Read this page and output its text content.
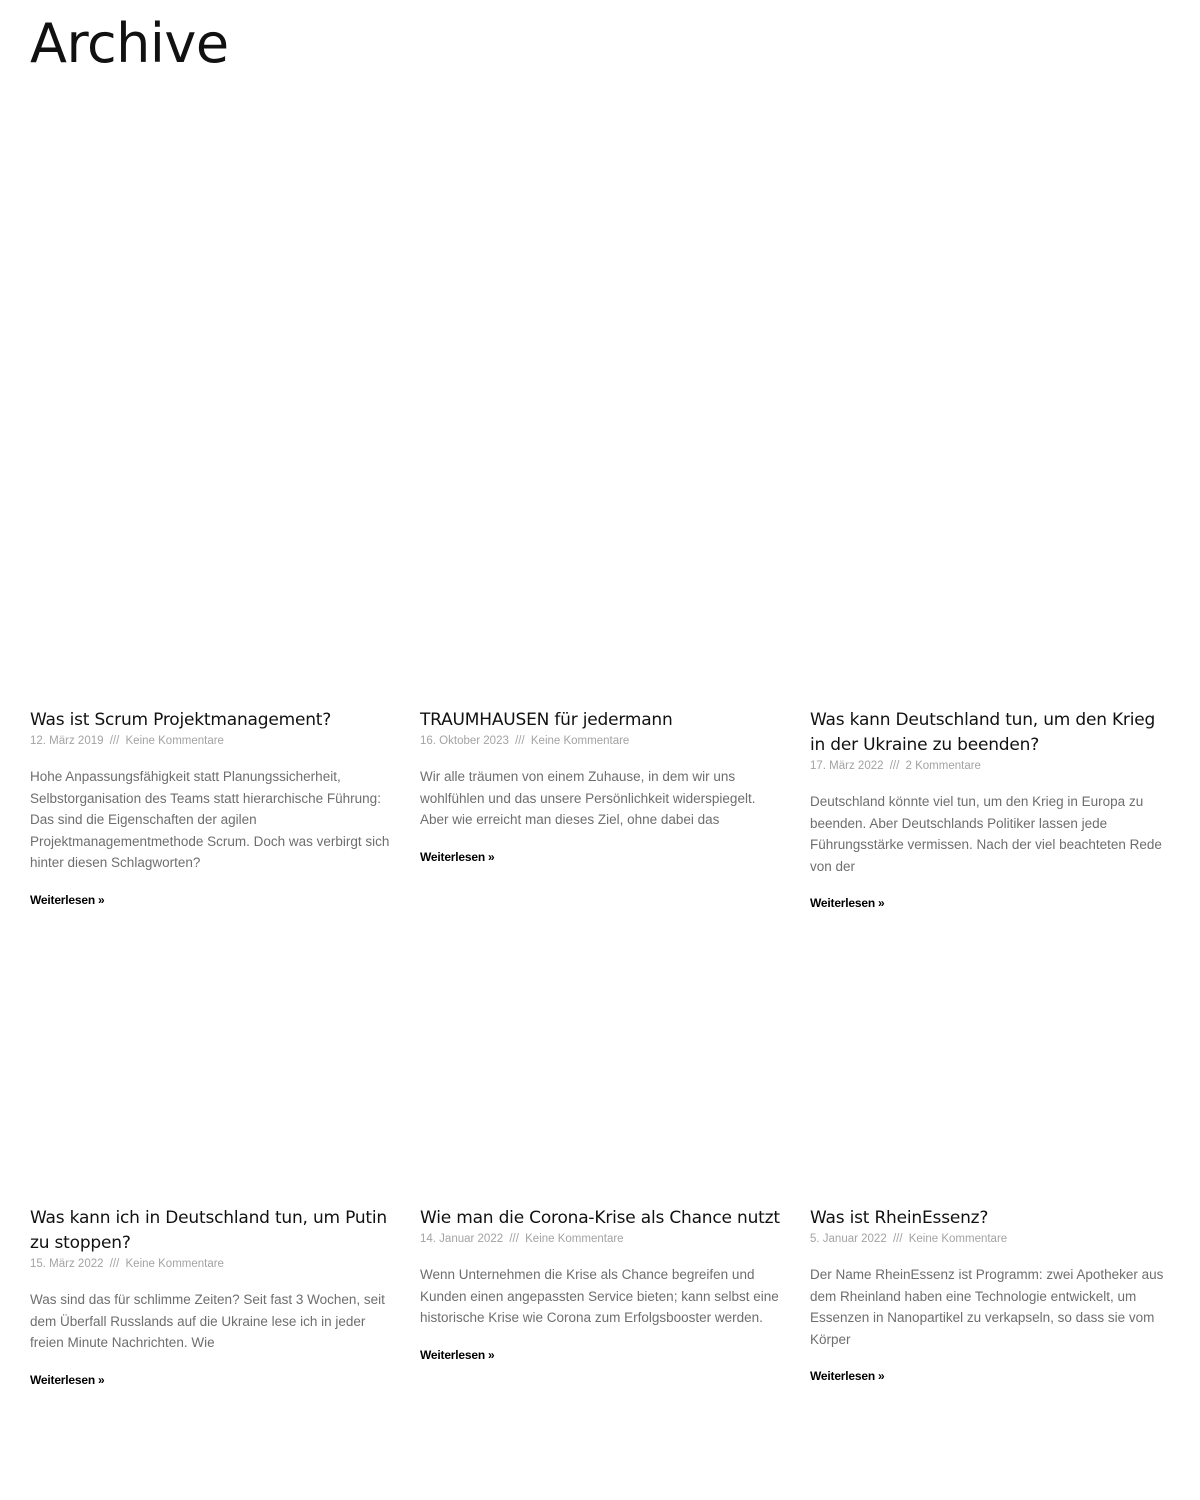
Archive
Was ist Scrum Projektmanagement?
12. März 2019 /// Keine Kommentare

Hohe Anpassungsfähigkeit statt Planungssicherheit, Selbstorganisation des Teams statt hierarchische Führung: Das sind die Eigenschaften der agilen Projektmanagementmethode Scrum. Doch was verbirgt sich hinter diesen Schlagworten?

Weiterlesen »
TRAUMHAUSEN für jedermann
16. Oktober 2023 /// Keine Kommentare

Wir alle träumen von einem Zuhause, in dem wir uns wohlfühlen und das unsere Persönlichkeit widerspiegelt. Aber wie erreicht man dieses Ziel, ohne dabei das

Weiterlesen »
Was kann Deutschland tun, um den Krieg in der Ukraine zu beenden?
17. März 2022 /// 2 Kommentare

Deutschland könnte viel tun, um den Krieg in Europa zu beenden. Aber Deutschlands Politiker lassen jede Führungsstärke vermissen. Nach der viel beachteten Rede von der

Weiterlesen »
Was kann ich in Deutschland tun, um Putin zu stoppen?
15. März 2022 /// Keine Kommentare

Was sind das für schlimme Zeiten? Seit fast 3 Wochen, seit dem Überfall Russlands auf die Ukraine lese ich in jeder freien Minute Nachrichten. Wie

Weiterlesen »
Wie man die Corona-Krise als Chance nutzt
14. Januar 2022 /// Keine Kommentare

Wenn Unternehmen die Krise als Chance begreifen und Kunden einen angepassten Service bieten; kann selbst eine historische Krise wie Corona zum Erfolgsbooster werden.

Weiterlesen »
Was ist RheinEssenz?
5. Januar 2022 /// Keine Kommentare

Der Name RheinEssenz ist Programm: zwei Apotheker aus dem Rheinland haben eine Technologie entwickelt, um Essenzen in Nanopartikel zu verkapseln, so dass sie vom Körper

Weiterlesen »
